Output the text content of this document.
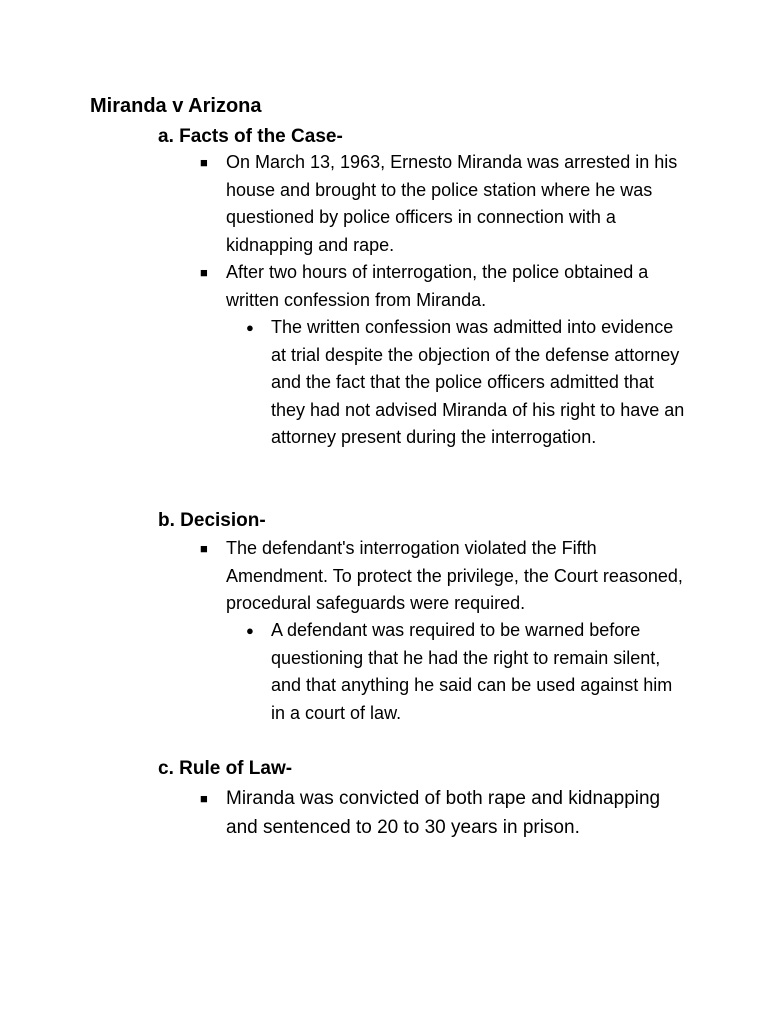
Miranda v Arizona
a. Facts of the Case-
■	On March 13, 1963, Ernesto Miranda was arrested in his house and brought to the police station where he was questioned by police officers in connection with a kidnapping and rape.
■	After two hours of interrogation, the police obtained a written confession from Miranda.
● The written confession was admitted into evidence at trial despite the objection of the defense attorney and the fact that the police officers admitted that they had not advised Miranda of his right to have an attorney present during the interrogation.
b. Decision-
■	The defendant's interrogation violated the Fifth Amendment. To protect the privilege, the Court reasoned, procedural safeguards were required.
● A defendant was required to be warned before questioning that he had the right to remain silent, and that anything he said can be used against him in a court of law.
c. Rule of Law-
■ Miranda was convicted of both rape and kidnapping and sentenced to 20 to 30 years in prison.
